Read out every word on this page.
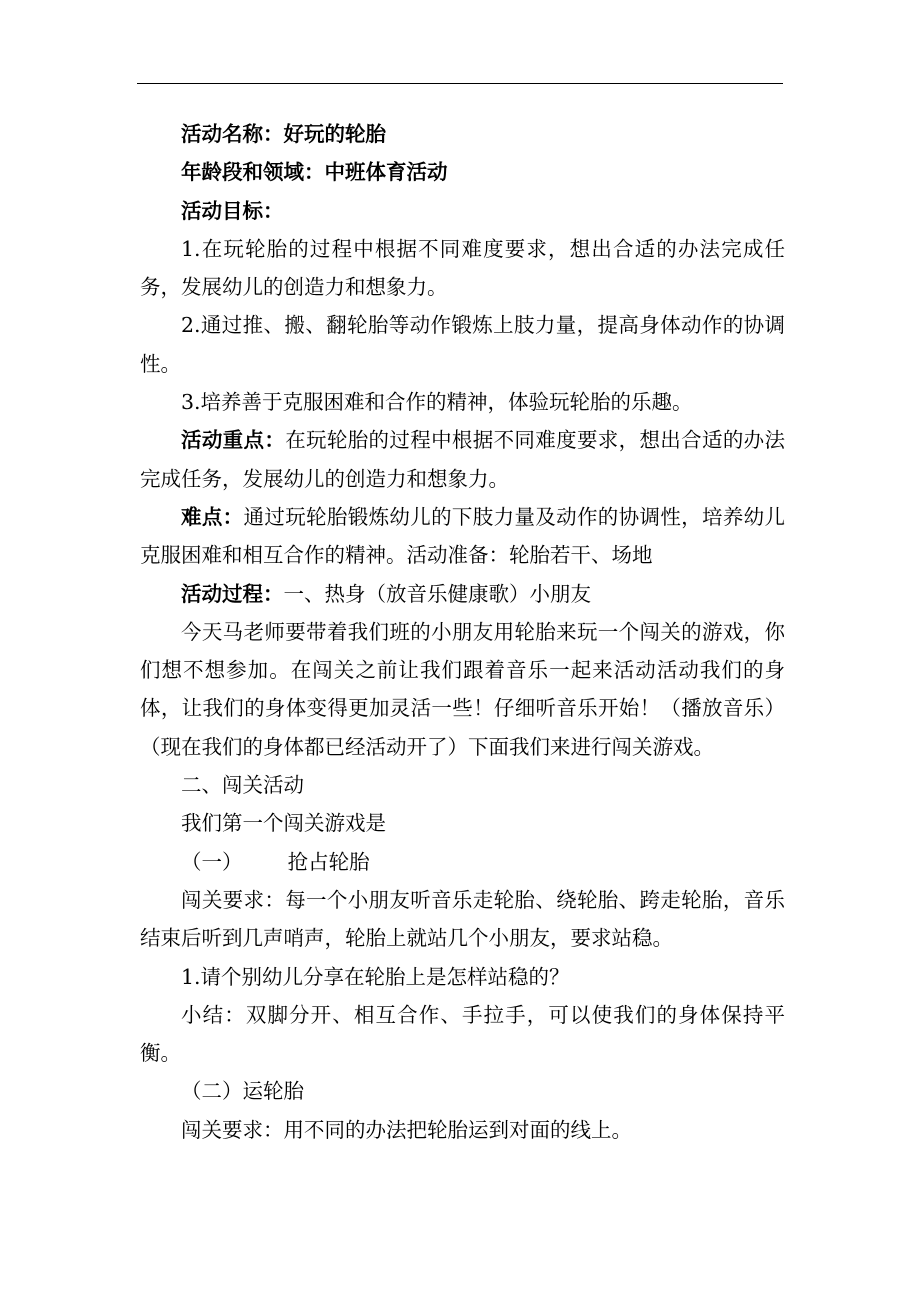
活动名称：好玩的轮胎

年龄段和领域：中班体育活动

活动目标：

1.在玩轮胎的过程中根据不同难度要求，想出合适的办法完成任务，发展幼儿的创造力和想象力。

2.通过推、搬、翻轮胎等动作锻炼上肢力量，提高身体动作的协调性。

3.培养善于克服困难和合作的精神，体验玩轮胎的乐趣。

活动重点：在玩轮胎的过程中根据不同难度要求，想出合适的办法完成任务，发展幼儿的创造力和想象力。

难点：通过玩轮胎锻炼幼儿的下肢力量及动作的协调性，培养幼儿克服困难和相互合作的精神。活动准备：轮胎若干、场地

活动过程：一、热身（放音乐健康歌）小朋友

今天马老师要带着我们班的小朋友用轮胎来玩一个闯关的游戏，你们想不想参加。在闯关之前让我们跟着音乐一起来活动活动我们的身体，让我们的身体变得更加灵活一些！仔细听音乐开始！（播放音乐）（现在我们的身体都已经活动开了）下面我们来进行闯关游戏。

二、闯关活动

我们第一个闯关游戏是

（一） 抢占轮胎

闯关要求：每一个小朋友听音乐走轮胎、绕轮胎、跨走轮胎，音乐结束后听到几声哨声，轮胎上就站几个小朋友，要求站稳。

1.请个别幼儿分享在轮胎上是怎样站稳的？

小结：双脚分开、相互合作、手拉手，可以使我们的身体保持平衡。

（二）运轮胎

闯关要求：用不同的办法把轮胎运到对面的线上。
